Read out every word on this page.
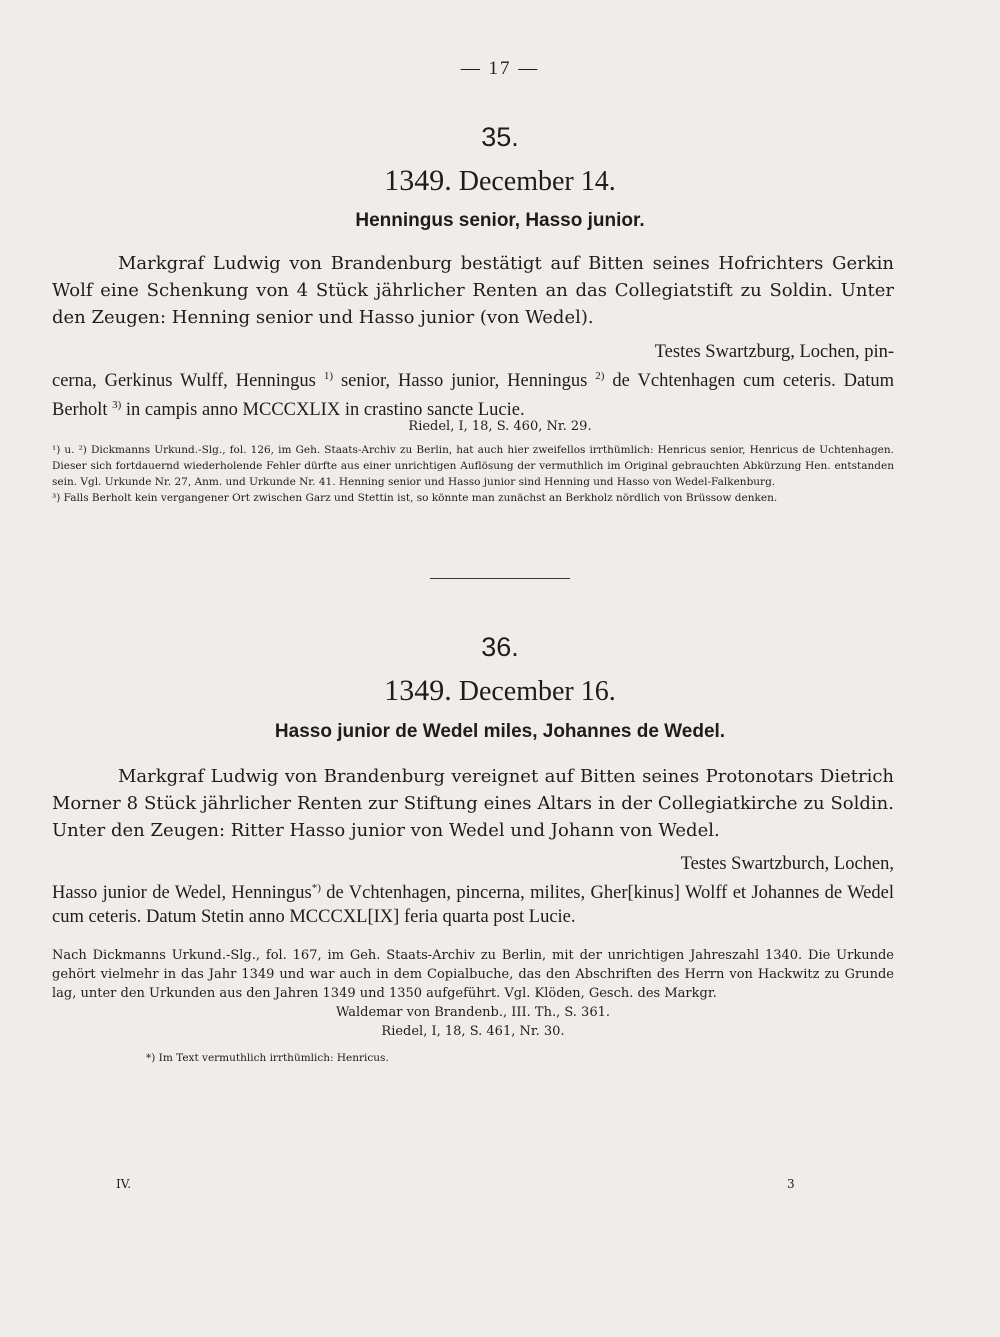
— 17 —
35.
1349. December 14.
Henningus senior, Hasso junior.

Markgraf Ludwig von Brandenburg bestätigt auf Bitten seines Hofrichters Gerkin Wolf eine Schenkung von 4 Stück jährlicher Renten an das Collegiatstift zu Soldin. Unter den Zeugen: Henning senior und Hasso junior (von Wedel).

Testes Swartzburg, Lochen, pin-
cerna, Gerkinus Wulff, Henningus $^{1)}$ senior, Hasso junior, Henningus $^{2)}$ de Vchtenhagen cum ceteris. Datum Berholt $^{3)}$ in campis anno MCCCXLIX in crastino sancte Lucie.
Riedel, I, 18, S. 460, Nr. 29.

¹) u. ²) Dickmanns Urkund.-Slg., fol. 126, im Geh. Staats-Archiv zu Berlin, hat auch hier zweifellos irrthümlich: Henricus senior, Henricus de Uchtenhagen. Dieser sich fortdauernd wiederholende Fehler dürfte aus einer unrichtigen Auflösung der vermuthlich im Original gebrauchten Abkürzung Hen. entstanden sein. Vgl. Urkunde Nr. 27, Anm. und Urkunde Nr. 41. Henning senior und Hasso junior sind Henning und Hasso von Wedel-Falkenburg.

³) Falls Berholt kein vergangener Ort zwischen Garz und Stettin ist, so könnte man zunächst an Berkholz nördlich von Brüssow denken.

36.
1349. December 16.
Hasso junior de Wedel miles, Johannes de Wedel.

Markgraf Ludwig von Brandenburg vereignet auf Bitten seines Protonotars Dietrich Morner 8 Stück jährlicher Renten zur Stiftung eines Altars in der Collegiatkirche zu Soldin. Unter den Zeugen: Ritter Hasso junior von Wedel und Johann von Wedel.

Testes Swartzburch, Lochen,
Hasso junior de Wedel, Henningus*) de Vchtenhagen, pincerna, milites, Gher[kinus] Wolff et Johannes de Wedel cum ceteris. Datum Stetin anno MCCCXL[IX] feria quarta post Lucie.
Nach Dickmanns Urkund.-Slg., fol. 167, im Geh. Staats-Archiv zu Berlin, mit der unrichtigen Jahreszahl 1340. Die Urkunde gehört vielmehr in das Jahr 1349 und war auch in dem Copialbuche, das den Abschriften des Herrn von Hackwitz zu Grunde lag, unter den Urkunden aus den Jahren 1349 und 1350 aufgeführt. Vgl. Klöden, Gesch. des Markgr.
Waldemar von Brandenb., III. Th., S. 361.
Riedel, I, 18, S. 461, Nr. 30.

*) Im Text vermuthlich irrthümlich: Henricus.

IV.	3
